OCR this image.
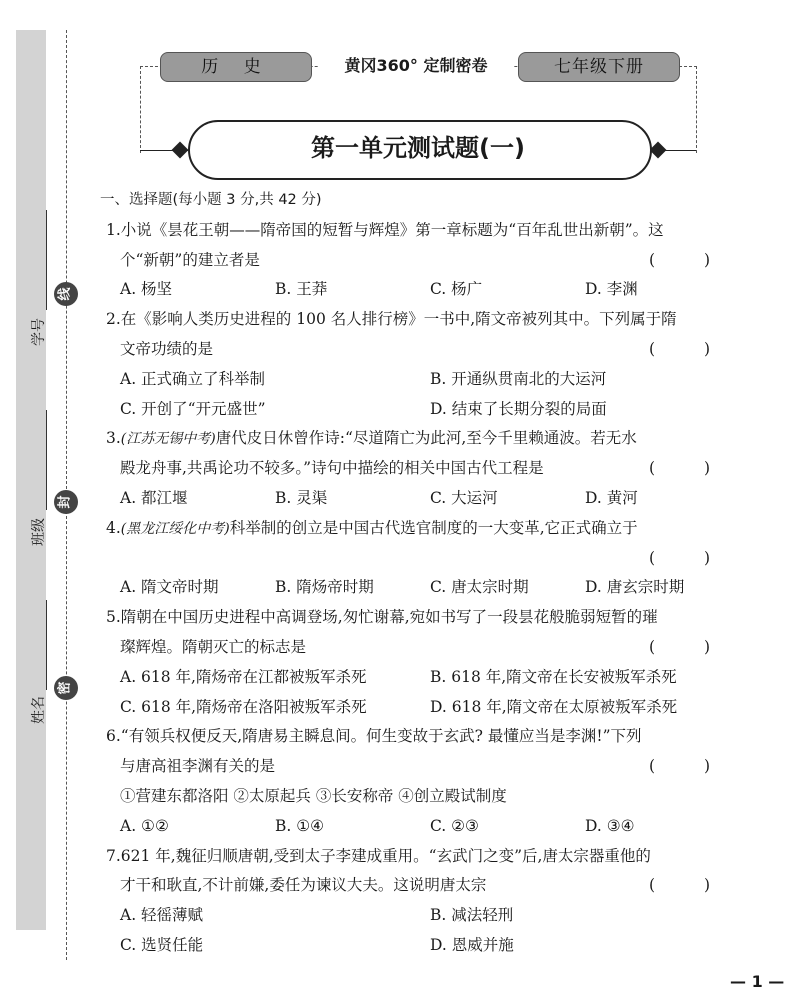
学号
班级
姓名
线
封
密
历 史	黄冈360° 定制密卷	七年级下册
第一单元测试题(一)
一、选择题(每小题 3 分,共 42 分)
1.小说《昙花王朝——隋帝国的短暂与辉煌》第一章标题为“百年乱世出新朝”。这
个“新朝”的建立者是	( )
A. 杨坚	B. 王莽	C. 杨广	D. 李渊
2.在《影响人类历史进程的 100 名人排行榜》一书中,隋文帝被列其中。下列属于隋
文帝功绩的是	( )
A. 正式确立了科举制	B. 开通纵贯南北的大运河
C. 开创了“开元盛世”	D. 结束了长期分裂的局面
3.(江苏无锡中考)唐代皮日休曾作诗:“尽道隋亡为此河,至今千里赖通波。若无水
殿龙舟事,共禹论功不较多。”诗句中描绘的相关中国古代工程是	( )
A. 都江堰	B. 灵渠	C. 大运河	D. 黄河
4.(黑龙江绥化中考)科举制的创立是中国古代选官制度的一大变革,它正式确立于
( )
A. 隋文帝时期	B. 隋炀帝时期	C. 唐太宗时期	D. 唐玄宗时期
5.隋朝在中国历史进程中高调登场,匆忙谢幕,宛如书写了一段昙花般脆弱短暂的璀
璨辉煌。隋朝灭亡的标志是	( )
A. 618 年,隋炀帝在江都被叛军杀死	B. 618 年,隋文帝在长安被叛军杀死
C. 618 年,隋炀帝在洛阳被叛军杀死	D. 618 年,隋文帝在太原被叛军杀死
6.“有领兵权便反天,隋唐易主瞬息间。何生变故于玄武? 最懂应当是李渊!”下列
与唐高祖李渊有关的是	( )
①营建东都洛阳 ②太原起兵 ③长安称帝 ④创立殿试制度
A. ①②	B. ①④	C. ②③	D. ③④
7.621 年,魏征归顺唐朝,受到太子李建成重用。“玄武门之变”后,唐太宗器重他的
才干和耿直,不计前嫌,委任为谏议大夫。这说明唐太宗	( )
A. 轻徭薄赋	B. 减法轻刑
C. 选贤任能	D. 恩威并施
— 1 —
